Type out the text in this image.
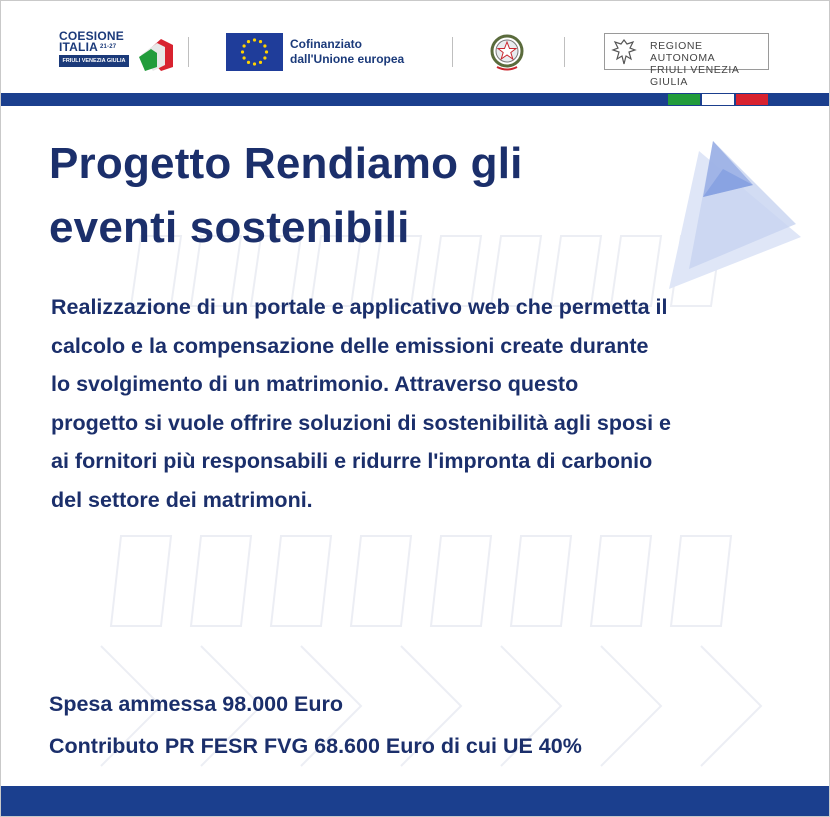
COESIONE
ITALIA $^{21-27}$
FRIULI VENEZIA GIULIA
Cofinanziato
dall'Unione europea
REGIONE AUTONOMA
FRIULI VENEZIA GIULIA
Progetto Rendiamo gli eventi sostenibili

Realizzazione di un portale e applicativo web che permetta il
calcolo e la compensazione delle emissioni create durante
lo svolgimento di un matrimonio. Attraverso questo
progetto si vuole offrire soluzioni di sostenibilità agli sposi e
ai fornitori più responsabili e ridurre l'impronta di carbonio
del settore dei matrimoni.

Spesa ammessa 98.000 Euro

Contributo PR FESR FVG 68.600 Euro di cui UE 40%
